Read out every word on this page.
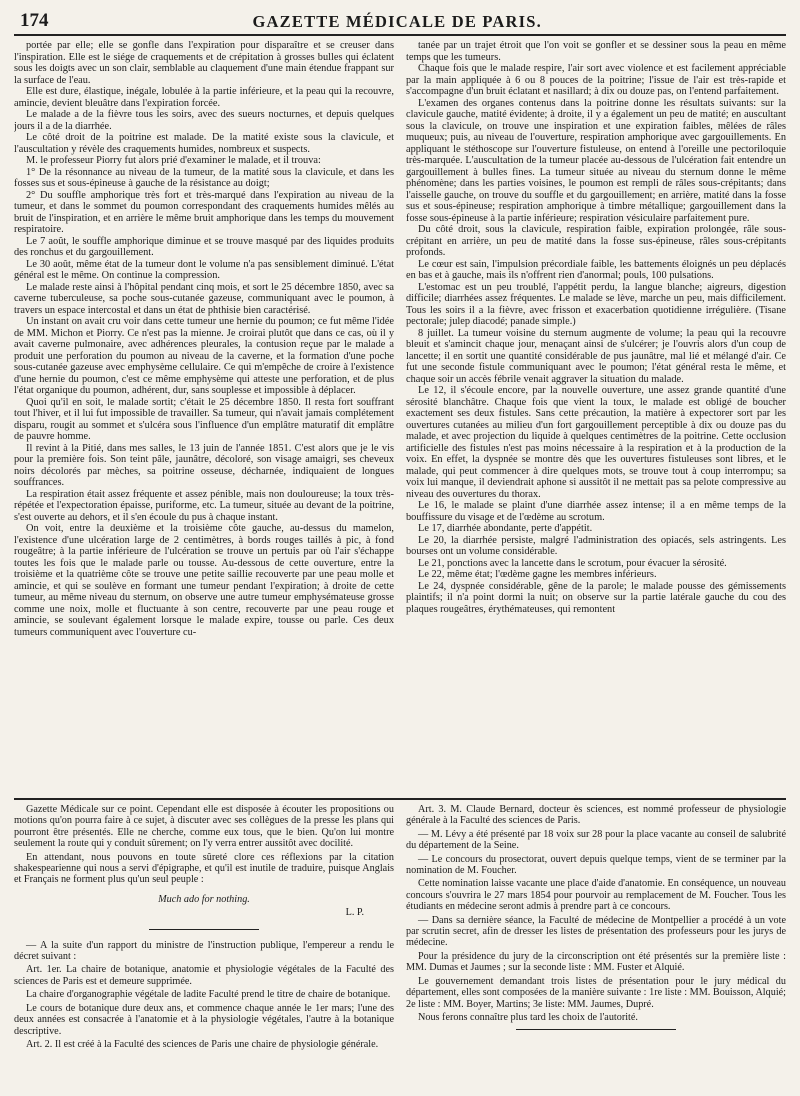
174	GAZETTE MÉDICALE DE PARIS.

portée par elle; elle se gonfle dans l'expiration pour disparaître et se creuser dans l'inspiration. Elle est le siége de craquements et de crépitation à grosses bulles qui éclatent sous les doigts avec un son clair, semblable au claquement d'une main étendue frappant sur la surface de l'eau.

Elle est dure, élastique, inégale, lobulée à la partie inférieure, et la peau qui la recouvre, amincie, devient bleuâtre dans l'expiration forcée.

Le malade a de la fièvre tous les soirs, avec des sueurs nocturnes, et depuis quelques jours il a de la diarrhée.

Le côté droit de la poitrine est malade. De la matité existe sous la clavicule, et l'auscultation y révèle des craquements humides, nombreux et suspects.

M. le professeur Piorry fut alors prié d'examiner le malade, et il trouva:

1° De la résonnance au niveau de la tumeur, de la matité sous la clavicule, et dans les fosses sus et sous-épineuse à gauche de la résistance au doigt;

2° Du souffle amphorique très fort et très-marqué dans l'expiration au niveau de la tumeur, et dans le sommet du poumon correspondant des craquements humides mêlés au bruit de l'inspiration, et en arrière le même bruit amphorique dans les temps du mouvement respiratoire.

Le 7 août, le souffle amphorique diminue et se trouve masqué par des liquides produits des ronchus et du gargouillement.

Le 30 août, même état de la tumeur dont le volume n'a pas sensiblement diminué. L'état général est le même. On continue la compression.

Le malade reste ainsi à l'hôpital pendant cinq mois, et sort le 25 décembre 1850, avec sa caverne tuberculeuse, sa poche sous-cutanée gazeuse, communiquant avec le poumon, à travers un espace intercostal et dans un état de phthisie bien caractérisé.

Un instant on avait cru voir dans cette tumeur une hernie du poumon; ce fut même l'idée de MM. Michon et Piorry. Ce n'est pas la mienne. Je croirai plutôt que dans ce cas, où il y avait caverne pulmonaire, avec adhérences pleurales, la contusion reçue par le malade a produit une perforation du poumon au niveau de la caverne, et la formation d'une poche sous-cutanée gazeuse avec emphysème cellulaire. Ce qui m'empêche de croire à l'existence d'une hernie du poumon, c'est ce même emphysème qui atteste une perforation, et de plus l'état organique du poumon, adhérent, dur, sans souplesse et impossible à déplacer.

Quoi qu'il en soit, le malade sortit; c'était le 25 décembre 1850. Il resta fort souffrant tout l'hiver, et il lui fut impossible de travailler. Sa tumeur, qui n'avait jamais complétement disparu, rougit au sommet et s'ulcéra sous l'influence d'un emplâtre maturatif dit emplâtre de pauvre homme.

Il revint à la Pitié, dans mes salles, le 13 juin de l'année 1851. C'est alors que je le vis pour la première fois. Son teint pâle, jaunâtre, décoloré, son visage amaigri, ses cheveux noirs décolorés par mèches, sa poitrine osseuse, décharnée, indiquaient de longues souffrances.

La respiration était assez fréquente et assez pénible, mais non douloureuse; la toux très-répétée et l'expectoration épaisse, puriforme, etc. La tumeur, située au devant de la poitrine, s'est ouverte au dehors, et il s'en écoule du pus à chaque instant.

On voit, entre la deuxième et la troisième côte gauche, au-dessus du mamelon, l'existence d'une ulcération large de 2 centimètres, à bords rouges taillés à pic, à fond rougeâtre; à la partie inférieure de l'ulcération se trouve un pertuis par où l'air s'échappe toutes les fois que le malade parle ou tousse. Au-dessous de cette ouverture, entre la troisième et la quatrième côte se trouve une petite saillie recouverte par une peau molle et amincie, et qui se soulève en formant une tumeur pendant l'expiration; à droite de cette tumeur, au même niveau du sternum, on observe une autre tumeur emphysémateuse grosse comme une noix, molle et fluctuante à son centre, recouverte par une peau rouge et amincie, se soulevant également lorsque le malade expire, tousse ou parle. Ces deux tumeurs communiquent avec l'ouverture cu-

tanée par un trajet étroit que l'on voit se gonfler et se dessiner sous la peau en même temps que les tumeurs.

Chaque fois que le malade respire, l'air sort avec violence et est facilement appréciable par la main appliquée à 6 ou 8 pouces de la poitrine; l'issue de l'air est très-rapide et s'accompagne d'un bruit éclatant et nasillard; à dix ou douze pas, on l'entend parfaitement.

L'examen des organes contenus dans la poitrine donne les résultats suivants: sur la clavicule gauche, matité évidente; à droite, il y a également un peu de matité; en auscultant sous la clavicule, on trouve une inspiration et une expiration faibles, mêlées de râles muqueux; puis, au niveau de l'ouverture, respiration amphorique avec gargouillements. En appliquant le stéthoscope sur l'ouverture fistuleuse, on entend à l'oreille une pectoriloquie très-marquée. L'auscultation de la tumeur placée au-dessous de l'ulcération fait entendre un gargouillement à bulles fines. La tumeur située au niveau du sternum donne le même phénomène; dans les parties voisines, le poumon est rempli de râles sous-crépitants; dans l'aisselle gauche, on trouve du souffle et du gargouillement; en arrière, matité dans la fosse sus et sous-épineuse; respiration amphorique à timbre métallique; gargouillement dans la fosse sous-épineuse à la partie inférieure; respiration vésiculaire parfaitement pure.

Du côté droit, sous la clavicule, respiration faible, expiration prolongée, râle sous-crépitant en arrière, un peu de matité dans la fosse sus-épineuse, râles sous-crépitants profonds.

Le cœur est sain, l'impulsion précordiale faible, les battements éloignés un peu déplacés en bas et à gauche, mais ils n'offrent rien d'anormal; pouls, 100 pulsations.

L'estomac est un peu troublé, l'appétit perdu, la langue blanche; aigreurs, digestion difficile; diarrhées assez fréquentes. Le malade se lève, marche un peu, mais difficilement. Tous les soirs il a la fièvre, avec frisson et exacerbation quotidienne irrégulière. (Tisane pectorale; julep diacodé; panade simple.)

8 juillet. La tumeur voisine du sternum augmente de volume; la peau qui la recouvre bleuit et s'amincit chaque jour, menaçant ainsi de s'ulcérer; je l'ouvris alors d'un coup de lancette; il en sortit une quantité considérable de pus jaunâtre, mal lié et mélangé d'air. Ce fut une seconde fistule communiquant avec le poumon; l'état général resta le même, et chaque soir un accès fébrile venait aggraver la situation du malade.

Le 12, il s'écoule encore, par la nouvelle ouverture, une assez grande quantité d'une sérosité blanchâtre. Chaque fois que vient la toux, le malade est obligé de boucher exactement ses deux fistules. Sans cette précaution, la matière à expectorer sort par les ouvertures cutanées au milieu d'un fort gargouillement perceptible à dix ou douze pas du malade, et avec projection du liquide à quelques centimètres de la poitrine. Cette occlusion artificielle des fistules n'est pas moins nécessaire à la respiration et à la production de la voix. En effet, la dyspnée se montre dès que les ouvertures fistuleuses sont libres, et le malade, qui peut commencer à dire quelques mots, se trouve tout à coup interrompu; sa voix lui manque, il deviendrait aphone si aussitôt il ne mettait pas sa pelote compressive au niveau des ouvertures du thorax.

Le 16, le malade se plaint d'une diarrhée assez intense; il a en même temps de la bouffissure du visage et de l'œdème au scrotum.

Le 17, diarrhée abondante, perte d'appétit.

Le 20, la diarrhée persiste, malgré l'administration des opiacés, sels astringents. Les bourses ont un volume considérable.

Le 21, ponctions avec la lancette dans le scrotum, pour évacuer la sérosité.

Le 22, même état; l'œdème gagne les membres inférieurs.

Le 24, dyspnée considérable, gêne de la parole; le malade pousse des gémissements plaintifs; il n'a point dormi la nuit; on observe sur la partie latérale gauche du cou des plaques rougeâtres, érythémateuses, qui remontent

Gazette Médicale sur ce point. Cependant elle est disposée à écouter les propositions ou motions qu'on pourra faire à ce sujet, à discuter avec ses collègues de la presse les plans qui pourront être présentés. Elle ne cherche, comme eux tous, que le bien. Qu'on lui montre seulement la route qui y conduit sûrement; on l'y verra entrer aussitôt avec docilité.

En attendant, nous pouvons en toute sûreté clore ces réflexions par la citation shakespearienne qui nous a servi d'épigraphe, et qu'il est inutile de traduire, puisque Anglais et Français ne forment plus qu'un seul peuple :

Much ado for nothing.

L. P.

— A la suite d'un rapport du ministre de l'instruction publique, l'empereur a rendu le décret suivant :

Art. 1er. La chaire de botanique, anatomie et physiologie végétales de la Faculté des sciences de Paris est et demeure supprimée.

La chaire d'organographie végétale de ladite Faculté prend le titre de chaire de botanique.

Le cours de botanique dure deux ans, et commence chaque année le 1er mars; l'une des deux années est consacrée à l'anatomie et à la physiologie végétales, l'autre à la botanique descriptive.

Art. 2. Il est créé à la Faculté des sciences de Paris une chaire de physiologie générale.

Art. 3. M. Claude Bernard, docteur ès sciences, est nommé professeur de physiologie générale à la Faculté des sciences de Paris.

— M. Lévy a été présenté par 18 voix sur 28 pour la place vacante au conseil de salubrité du département de la Seine.

— Le concours du prosectorat, ouvert depuis quelque temps, vient de se terminer par la nomination de M. Foucher.

Cette nomination laisse vacante une place d'aide d'anatomie. En conséquence, un nouveau concours s'ouvrira le 27 mars 1854 pour pourvoir au remplacement de M. Foucher. Tous les étudiants en médecine seront admis à prendre part à ce concours.

— Dans sa dernière séance, la Faculté de médecine de Montpellier a procédé à un vote par scrutin secret, afin de dresser les listes de présentation des professeurs pour les jurys de médecine.

Pour la présidence du jury de la circonscription ont été présentés sur la première liste : MM. Dumas et Jaumes ; sur la seconde liste : MM. Fuster et Alquié.

Le gouvernement demandant trois listes de présentation pour le jury médical du département, elles sont composées de la manière suivante : 1re liste : MM. Bouisson, Alquié; 2e liste : MM. Boyer, Martins; 3e liste: MM. Jaumes, Dupré.

Nous ferons connaître plus tard les choix de l'autorité.
